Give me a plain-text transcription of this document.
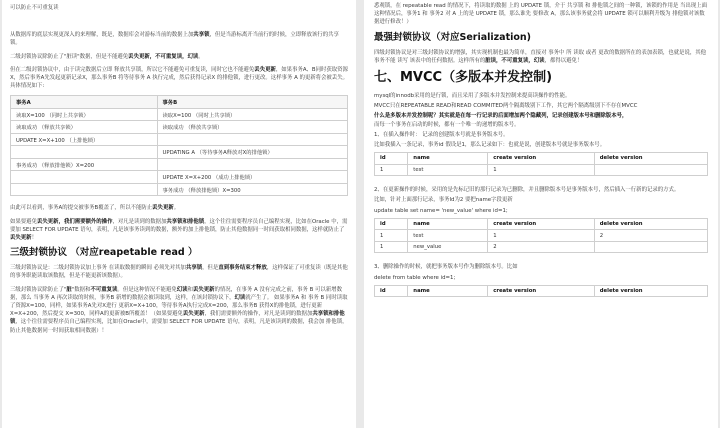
可以防止不可重复读

从数据库的底层实现更深入的来理解，既是，数据库会对游标当前的数据上加共享锁，但是当游标离开当前行的时候，立即释放该行的共享锁。

二级封锁协议除防止了"脏读"数据，但是不能避免丢失更新，不可重复读，幻读。

但在二级封锁协议中，由于读完数据后立即 释放共享锁，所以它不能避免可重复读，同时它也不能避免丢失更新，如果事务A、B同时获取资源X，然后事务A先发起更新记录X，那么事务B 将等待事务 A 执行完成，然后获得记录X 的排他锁，进行更改。这样事务 A 的更新将会被丢失。 具体情况如下:

事务A	事务B
读取X=100 （同时上共享锁）	读取X=100 （同时上共享锁）
读取成功 （释放共享锁）	读取成功 （释放共享锁）
UPDATE X=X+100 （上排他锁）	
	UPDATING A （等待事务A释放对X的排他锁）
事务成功 （释放排他锁）X=200	
	UPDATE X=X+200 （成功上排他锁）
	事务成功 （释放排他锁）X=300

由此可以看到，事务A的提交被事务B覆盖了，所以不能防止丢失更新。

如果要避免丢失更新，我们需要额外的操作，对凡是读到的数据加共享锁和排他锁，这个往往需要程序员自己编程实现，比如在Oracle 中，需要加 SELECT FOR UPDATE 语句，表明，凡是该事务读到的数据，额外的加上排他锁，防止其他数据同一时间获取相同数据，这样就防止了丢失更新！

三级封锁协议 （对应reapetable read ）

三级封锁协议是：二级封锁协议加上事务 在读取数据的瞬间 必须先对其加共享锁，但是直到事务结束才释放，这样保证了可重复读（既是其他的事务职能读取该数据，但是不能更新该数据）。

三级封锁协议除防止了"脏"数据和不可重复读。但是这种情况不能避免幻读和丢失更新的情况，在事务 A 没有完成之前，事务 B 可以新增数据，那么 当事务 A 再次读取的时候，事务B 新增的数据会被读取到，这样，在该封锁协议下，幻读就产生了。 如果事务A 和 事务 B 同时读取了资源X=100，同样，如果事务A先对X进行 更新X=X+100，等待事务A执行完成X=200，那么事务B 获得X的排他锁，进行更新 X=X+200，然后提交 X=300，同样A的更新被B所覆盖！（如果要避免丢失更新，我们需要额外的操作，对凡是读到的数据加共享锁和排他锁，这个往往需要程序员自己编程实现，比如在Oracle中，需要加 SELECT FOR UPDATE 语句，表明，凡是该读到的数据，我会加 排他锁，防止其他数据同一时间获取相同数据）！

悉观锁，在 repeatable read 的情况下，将读取的数据 上的 UPDATE 锁，介于 共享锁 和 排他锁之间的一种锁，该锁的作用是 当出现上面这种情况后，事务1 和 事务2 对 A 上的是 UPDATE 锁，那么谁先 要修改 A，那么该事务就会将 UPDATE 锁可以顺利升级为 排他锁对该数据进行修改！）

最强封锁协议（对应Serialization)

四级封锁协议是对三级封锁协议的增强，其实现机制也最为简单，直接对 事务中 所 读取 或者 更改的数据所在的表加表锁，也就是说，其他事务不能 读写 该表中的任何数据。这样所有的脏读，不可重复读，幻读，都得以避免！

七、MVCC（多版本并发控制)

mysql的innodb采用的是行锁，而且采用了多版本并发控制来提高读操作的性能。

MVCC只在REPEATABLE READ和READ COMMITED两个隔离级别下工作，其它两个隔离级别下不存在MVCC

什么是多版本并发控制呢？其实就是在每一行记录的后面增加两个隐藏列，记录创建版本号和删除版本号，
而每一个事务在启动的时候，都有一个唯一的递增的版本号。

1、在插入操作时： 记录的创建版本号就是事务版本号。

比如我插入一条记录，事务id 假设是1，那么记录如下：也就是说，创建版本号就是事务版本号。

id	name	create version	delete version
1	test	1	

2、在更新操作的时候，采用的是先标记旧的那行记录为已删除，并且删除版本号是事务版本号，然后插入一行新的记录的方式。

比如，针对上面那行记录，事务Id为2 要把name字段更新

update table set name= 'new_value' where id=1;

id	name	create version	delete version
1	test	1	2
1	new_value	2	

3、删除操作的时候，就把事务版本号作为删除版本号。比如

delete from table where id=1;

id	name	create version	delete version
